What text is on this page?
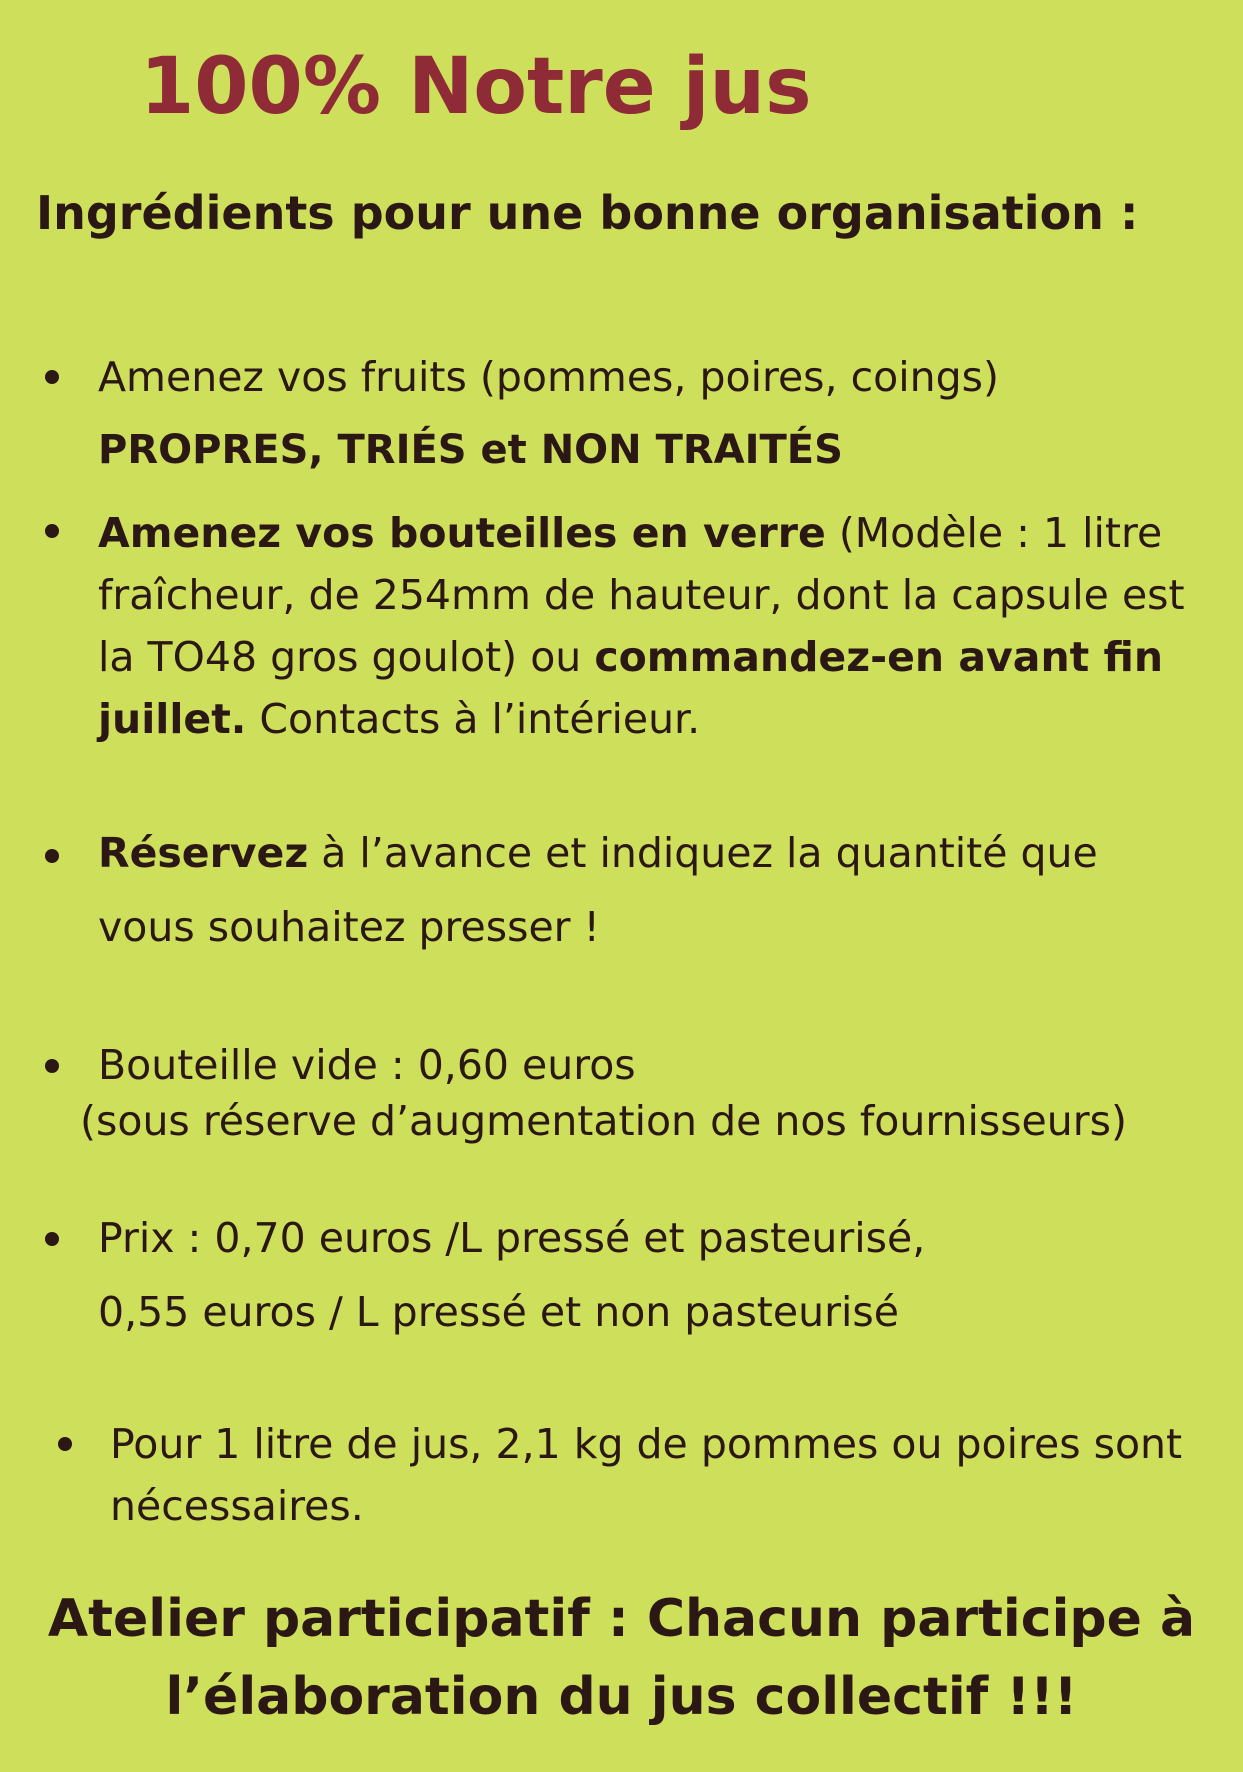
100% Notre jus
Ingrédients pour une bonne organisation :
Amenez vos fruits (pommes, poires, coings)
PROPRES, TRIÉS et NON TRAITÉS
Amenez vos bouteilles en verre (Modèle : 1 litre
fraîcheur, de 254mm de hauteur, dont la capsule est
la TO48 gros goulot) ou commandez-en avant fin
juillet. Contacts à l’intérieur.
Réservez à l’avance et indiquez la quantité que
vous souhaitez presser !
Bouteille vide : 0,60 euros
(sous réserve d’augmentation de nos fournisseurs)
Prix : 0,70 euros /L pressé et pasteurisé,
0,55 euros / L pressé et non pasteurisé
Pour 1 litre de jus, 2,1 kg de pommes ou poires sont
nécessaires.
Atelier participatif : Chacun participe à
l’élaboration du jus collectif !!!
